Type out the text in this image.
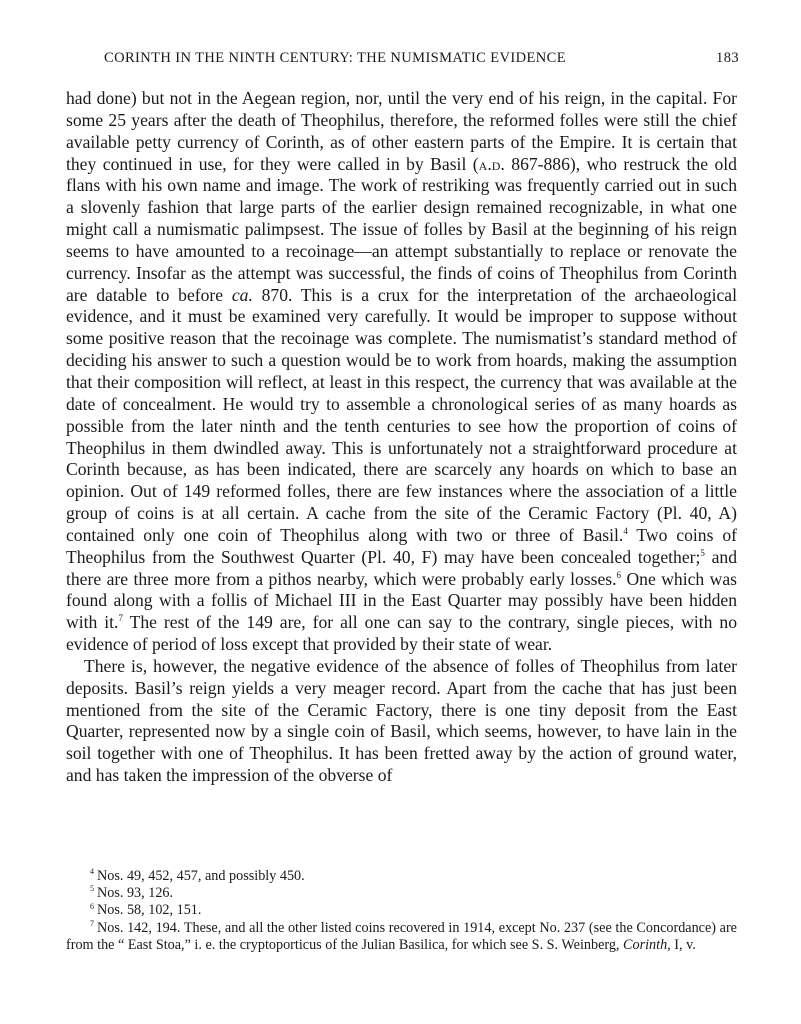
CORINTH IN THE NINTH CENTURY: THE NUMISMATIC EVIDENCE	183

had done) but not in the Aegean region, nor, until the very end of his reign, in the capital. For some 25 years after the death of Theophilus, therefore, the reformed folles were still the chief available petty currency of Corinth, as of other eastern parts of the Empire. It is certain that they continued in use, for they were called in by Basil (a.d. 867-886), who restruck the old flans with his own name and image. The work of restriking was frequently carried out in such a slovenly fashion that large parts of the earlier design remained recognizable, in what one might call a numismatic palimpsest. The issue of folles by Basil at the beginning of his reign seems to have amounted to a recoinage—an attempt substantially to replace or renovate the currency. Insofar as the attempt was successful, the finds of coins of Theophilus from Corinth are datable to before ca. 870. This is a crux for the interpretation of the archaeological evidence, and it must be examined very carefully. It would be improper to suppose without some positive reason that the recoinage was complete. The numismatist’s standard method of deciding his answer to such a question would be to work from hoards, making the assumption that their composition will reflect, at least in this respect, the currency that was available at the date of concealment. He would try to assemble a chronological series of as many hoards as possible from the later ninth and the tenth centuries to see how the proportion of coins of Theophilus in them dwindled away. This is unfortunately not a straightforward procedure at Corinth because, as has been indicated, there are scarcely any hoards on which to base an opinion. Out of 149 reformed folles, there are few instances where the association of a little group of coins is at all certain. A cache from the site of the Ceramic Factory (Pl. 40, A) contained only one coin of Theophilus along with two or three of Basil.$^4$ Two coins of Theophilus from the Southwest Quarter (Pl. 40, F) may have been concealed together;$^5$ and there are three more from a pithos nearby, which were probably early losses.$^6$ One which was found along with a follis of Michael III in the East Quarter may possibly have been hidden with it.$^7$ The rest of the 149 are, for all one can say to the contrary, single pieces, with no evidence of period of loss except that provided by their state of wear.

There is, however, the negative evidence of the absence of folles of Theophilus from later deposits. Basil’s reign yields a very meager record. Apart from the cache that has just been mentioned from the site of the Ceramic Factory, there is one tiny deposit from the East Quarter, represented now by a single coin of Basil, which seems, however, to have lain in the soil together with one of Theophilus. It has been fretted away by the action of ground water, and has taken the impression of the obverse of

$^4$ Nos. 49, 452, 457, and possibly 450.

$^5$ Nos. 93, 126.

$^6$ Nos. 58, 102, 151.

$^7$ Nos. 142, 194. These, and all the other listed coins recovered in 1914, except No. 237 (see the Concordance) are from the “ East Stoa,” i. e. the cryptoporticus of the Julian Basilica, for which see S. S. Weinberg, Corinth, I, v.
